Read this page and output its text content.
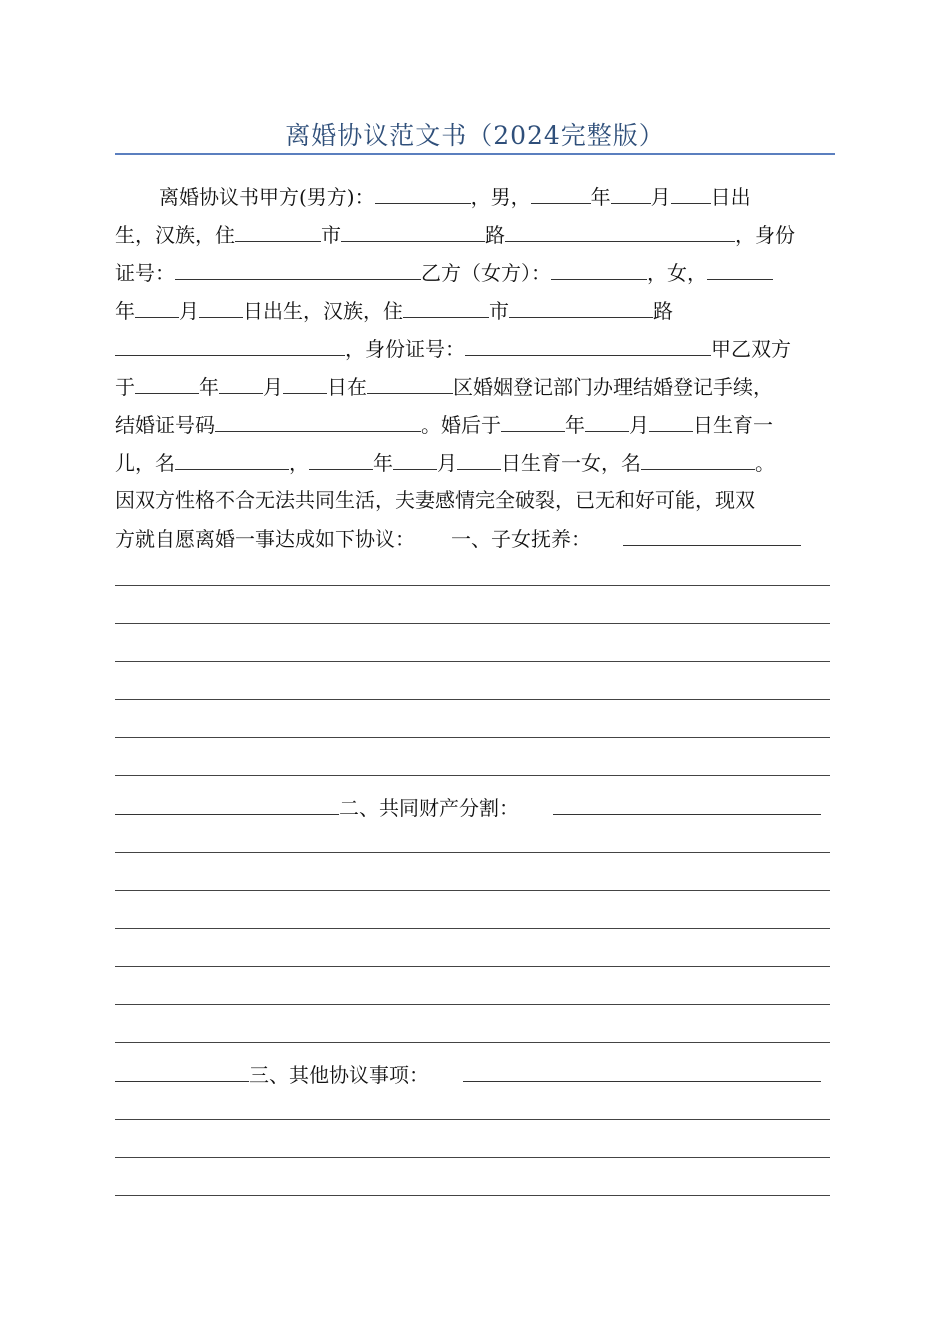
离婚协议范文书（2024完整版）
离婚协议书甲方(男方)：	，男，	年 月 日出
生，汉族，住	市	路	，身份
证号：	乙方（女方）：	，女，
年 月 日出生，汉族，住	市	路
，身份证号：	甲乙双方
于	年 月 日在	区婚姻登记部门办理结婚登记手续，
结婚证号码	。婚后于	年 月 日生育一
儿，名	，	年 月 日生育一女，名	。
因双方性格不合无法共同生活，夫妻感情完全破裂，已无和好可能，现双
方就自愿离婚一事达成如下协议： 一、子女抚养：
二、共同财产分割：
三、其他协议事项：
